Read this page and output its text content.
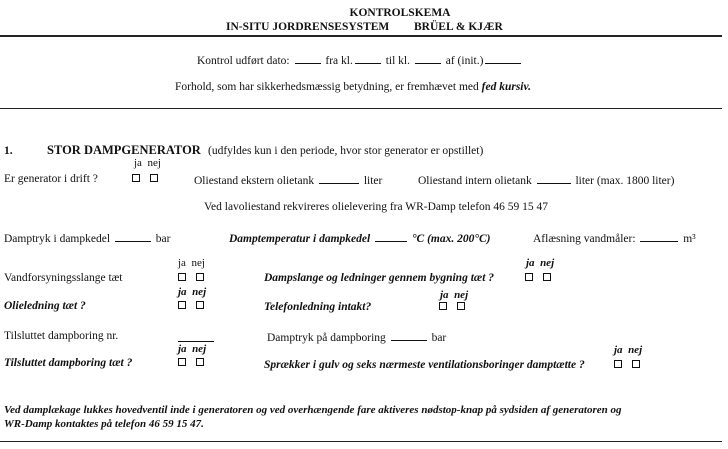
KONTROLSKEMA
IN-SITU JORDRENSESYSTEM BRÜEL & KJÆR
Kontrol udført dato:	fra kl.	til kl.	af (init.)
Forhold, som har sikkerhedsmæssig betydning, er fremhævet med fed kursiv.
1.	STOR DAMPGENERATOR (udfyldes kun i den periode, hvor stor generator er opstillet)
ja nej
Er generator i drift ?	Oliestand ekstern olietank	liter	Oliestand intern olietank	liter (max. 1800 liter)
Ved lavoliestand rekvireres olielevering fra WR-Damp telefon 46 59 15 47
Damptryk i dampkedel	bar	Damptemperatur i dampkedel	°C (max. 200°C)	Aflæsning vandmåler:	m³
ja nej	ja nej
Vandforsyningsslange tæt	Dampslange og ledninger gennem bygning tæt ?
ja nej	ja nej
Olieledning tæt ?	Telefonledning intakt?
Tilsluttet dampboring nr.	Damptryk på dampboring	bar
ja nej	ja nej
Tilsluttet dampboring tæt ?	Sprækker i gulv og seks nærmeste ventilationsboringer damptætte ?
Ved damplækage lukkes hovedventil inde i generatoren og ved overhængende fare aktiveres nødstop-knap på sydsiden af generatoren og
WR-Damp kontaktes på telefon 46 59 15 47.
